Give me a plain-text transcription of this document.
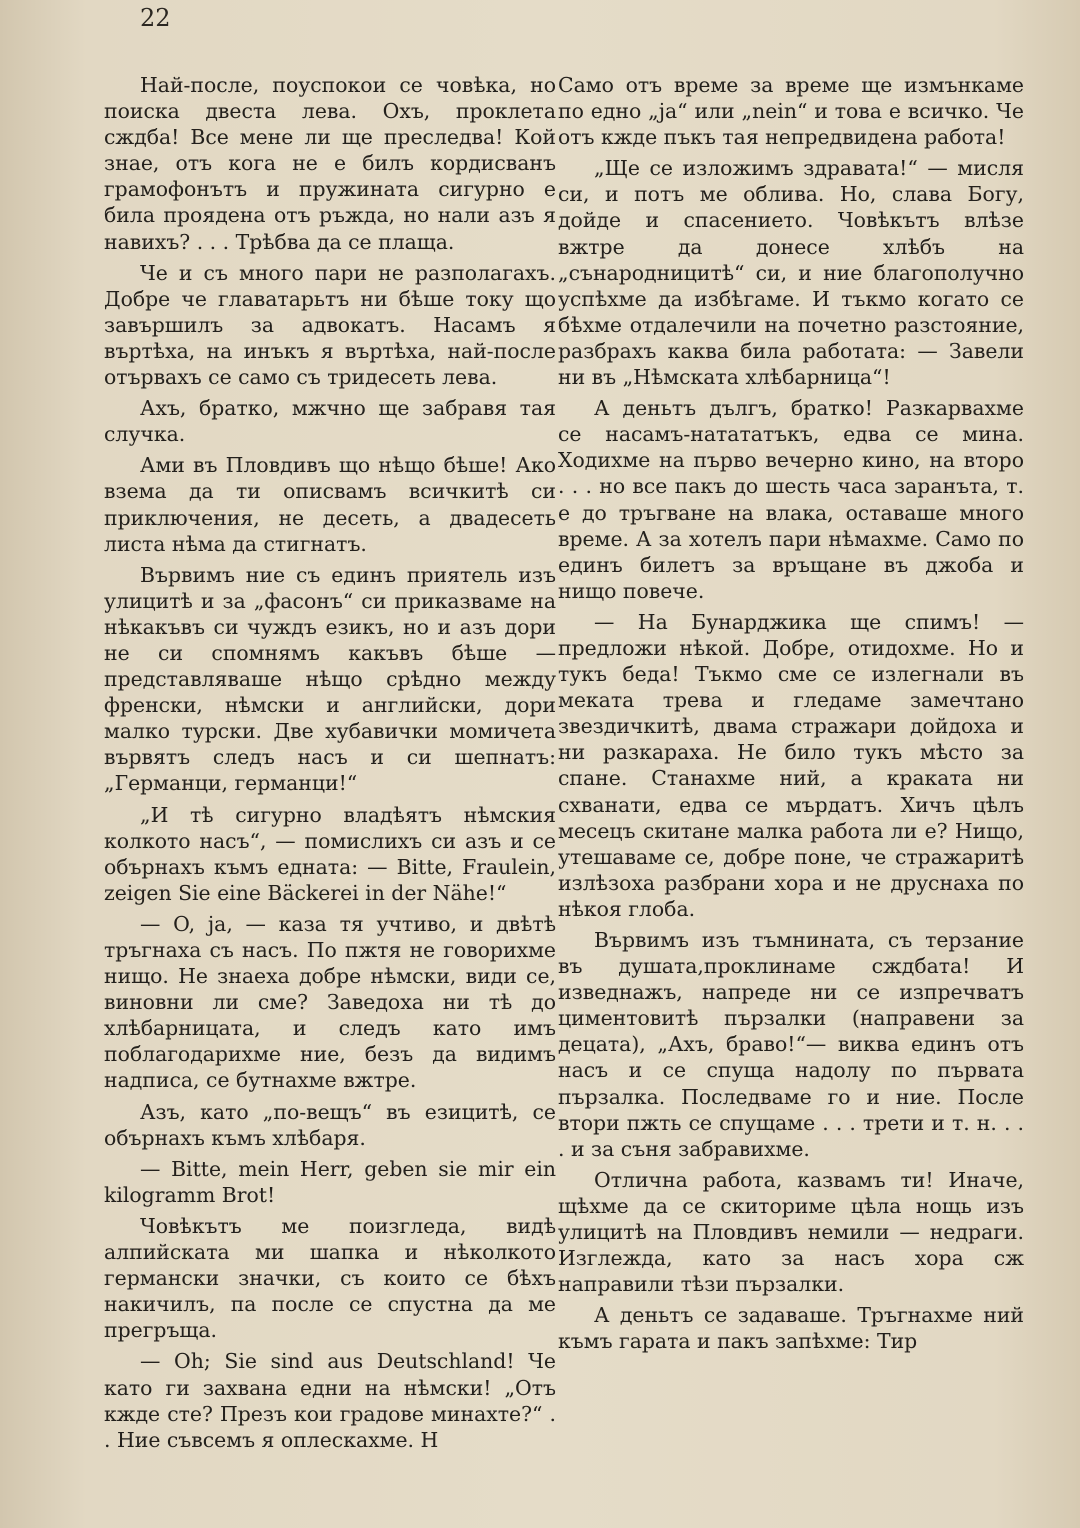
22

Най-после, поуспокои се човѣка, но поиска двеста лева. Охъ, проклета сждба! Все мене ли ще преследва! Кой знае, отъ кога не е билъ кордисванъ грамофонътъ и пружината сигурно е била проядена отъ ръжда, но нали азъ я навихъ? . . . Трѣбва да се плаща.

Че и съ много пари не разполагахъ. Добре че главатарьтъ ни бѣше току що завършилъ за адвокатъ. Насамъ я въртѣха, на инъкъ я въртѣха, най-после отървахъ се само съ тридесеть лева.

Ахъ, братко, мжчно ще забравя тая случка.

Ами въ Пловдивъ що нѣщо бѣше! Ако взема да ти описвамъ всичкитѣ си приключения, не десеть, а двадесеть листа нѣма да стигнатъ.

Вървимъ ние съ единъ приятель изъ улицитѣ и за „фасонъ“ си приказваме на нѣкакъвъ си чуждъ езикъ, но и азъ дори не си спомнямъ какъвъ бѣше — представляваше нѣщо срѣдно между френски, нѣмски и английски, дори малко турски. Две хубавички момичета вървятъ следъ насъ и си шепнатъ: „Германци, германци!“

„И тѣ сигурно владѣятъ нѣмския колкото насъ“, — помислихъ си азъ и се обърнахъ къмъ едната: — Bitte, Fraulein, zeigen Sie eine Bäckerei in der Nähe!“

— O, ja, — каза тя учтиво, и двѣтѣ тръгнаха съ насъ. По пжтя не говорихме нищо. Не знаеха добре нѣмски, види се, виновни ли сме? Заведоха ни тѣ до хлѣбарницата, и следъ като имъ поблагодарихме ние, безъ да видимъ надписа, се бутнахме вжтре.

Азъ, като „по-вещъ“ въ езицитѣ, се обърнахъ къмъ хлѣбаря.

— Bitte, mein Herr, geben sie mir ein kilogramm Brot!

Човѣкътъ ме поизгледа, видѣ алпийската ми шапка и нѣколкото германски значки, съ които се бѣхъ накичилъ, па после се спустна да ме прегръща.

— Oh; Sie sind aus Deutschland! Че като ги захвана едни на нѣмски! „Отъ кжде сте? Презъ кои градове минахте?“ . . Ние съвсемъ я оплескахме. Н

Само отъ време за време ще измънкаме по едно „ja“ или „nein“ и това е всичко. Че отъ кжде пъкъ тая непредвидена работа!

„Ще се изложимъ здравата!“ — мисля си, и потъ ме облива. Но, слава Богу, дойде и спасението. Човѣкътъ влѣзе вжтре да донесе хлѣбъ на „сънародницитѣ“ си, и ние благополучно успѣхме да избѣгаме. И тъкмо когато се бѣхме отдалечили на почетно разстояние, разбрахъ каква била работата: — Завели ни въ „Нѣмската хлѣбарница“!

А деньтъ дългъ, братко! Разкарвахме се насамъ-натататъкъ, едва се мина. Ходихме на първо вечерно кино, на второ . . . но все пакъ до шесть часа заранъта, т. е до тръгване на влака, оставаше много време. А за хотелъ пари нѣмахме. Само по единъ билетъ за връщане въ джоба и нищо повече.

— На Бунарджика ще спимъ! — предложи нѣкой. Добре, отидохме. Но и тукъ беда! Тъкмо сме се излегнали въ меката трева и гледаме замечтано звездичкитѣ, двама стражари дойдоха и ни разкараха. Не било тукъ мѣсто за спане. Станахме ний, а краката ни схванати, едва се мърдатъ. Хичъ цѣлъ месецъ скитане малка работа ли е? Нищо, утешаваме се, добре поне, че стражаритѣ излѣзоха разбрани хора и не друснаха по нѣкоя глоба.

Вървимъ изъ тъмнината, съ терзание въ душата,проклинаме сждбата! И изведнажъ, напреде ни се изпречватъ циментовитѣ пързалки (направени за децата), „Ахъ, браво!“— виква единъ отъ насъ и се спуща надолу по първата пързалка. Последваме го и ние. После втори пжть се спущаме . . . трети и т. н. . . . и за съня забравихме.

Отлична работа, казвамъ ти! Иначе, щѣхме да се скиторимe цѣла нощь изъ улицитѣ на Пловдивъ немили — недраги. Изглежда, като за насъ хора сж направили тѣзи пързалки.

А деньтъ се задаваше. Тръгнахме ний къмъ гарата и пакъ запѣхме: Тир
